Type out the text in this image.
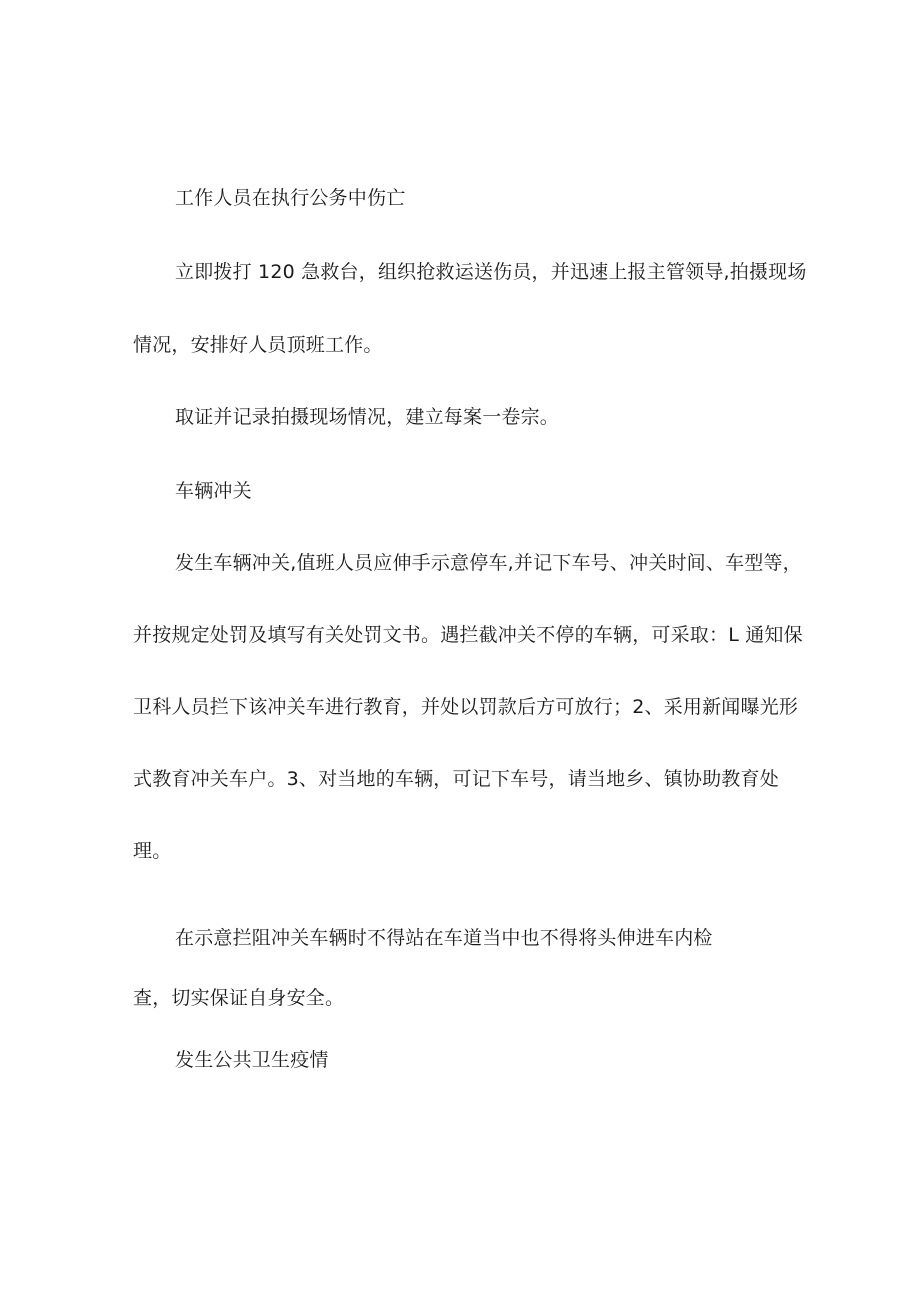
工作人员在执行公务中伤亡
立即拨打 120 急救台，组织抢救运送伤员，并迅速上报主管领导,拍摄现场
情况，安排好人员顶班工作。
取证并记录拍摄现场情况，建立每案一卷宗。
车辆冲关
发生车辆冲关,值班人员应伸手示意停车,并记下车号、冲关时间、车型等，
并按规定处罚及填写有关处罚文书。遇拦截冲关不停的车辆，可采取：L 通知保
卫科人员拦下该冲关车进行教育，并处以罚款后方可放行；2、采用新闻曝光形
式教育冲关车户。3、对当地的车辆，可记下车号，请当地乡、镇协助教育处
理。
在示意拦阻冲关车辆时不得站在车道当中也不得将头伸进车内检
查，切实保证自身安全。
发生公共卫生疫情
